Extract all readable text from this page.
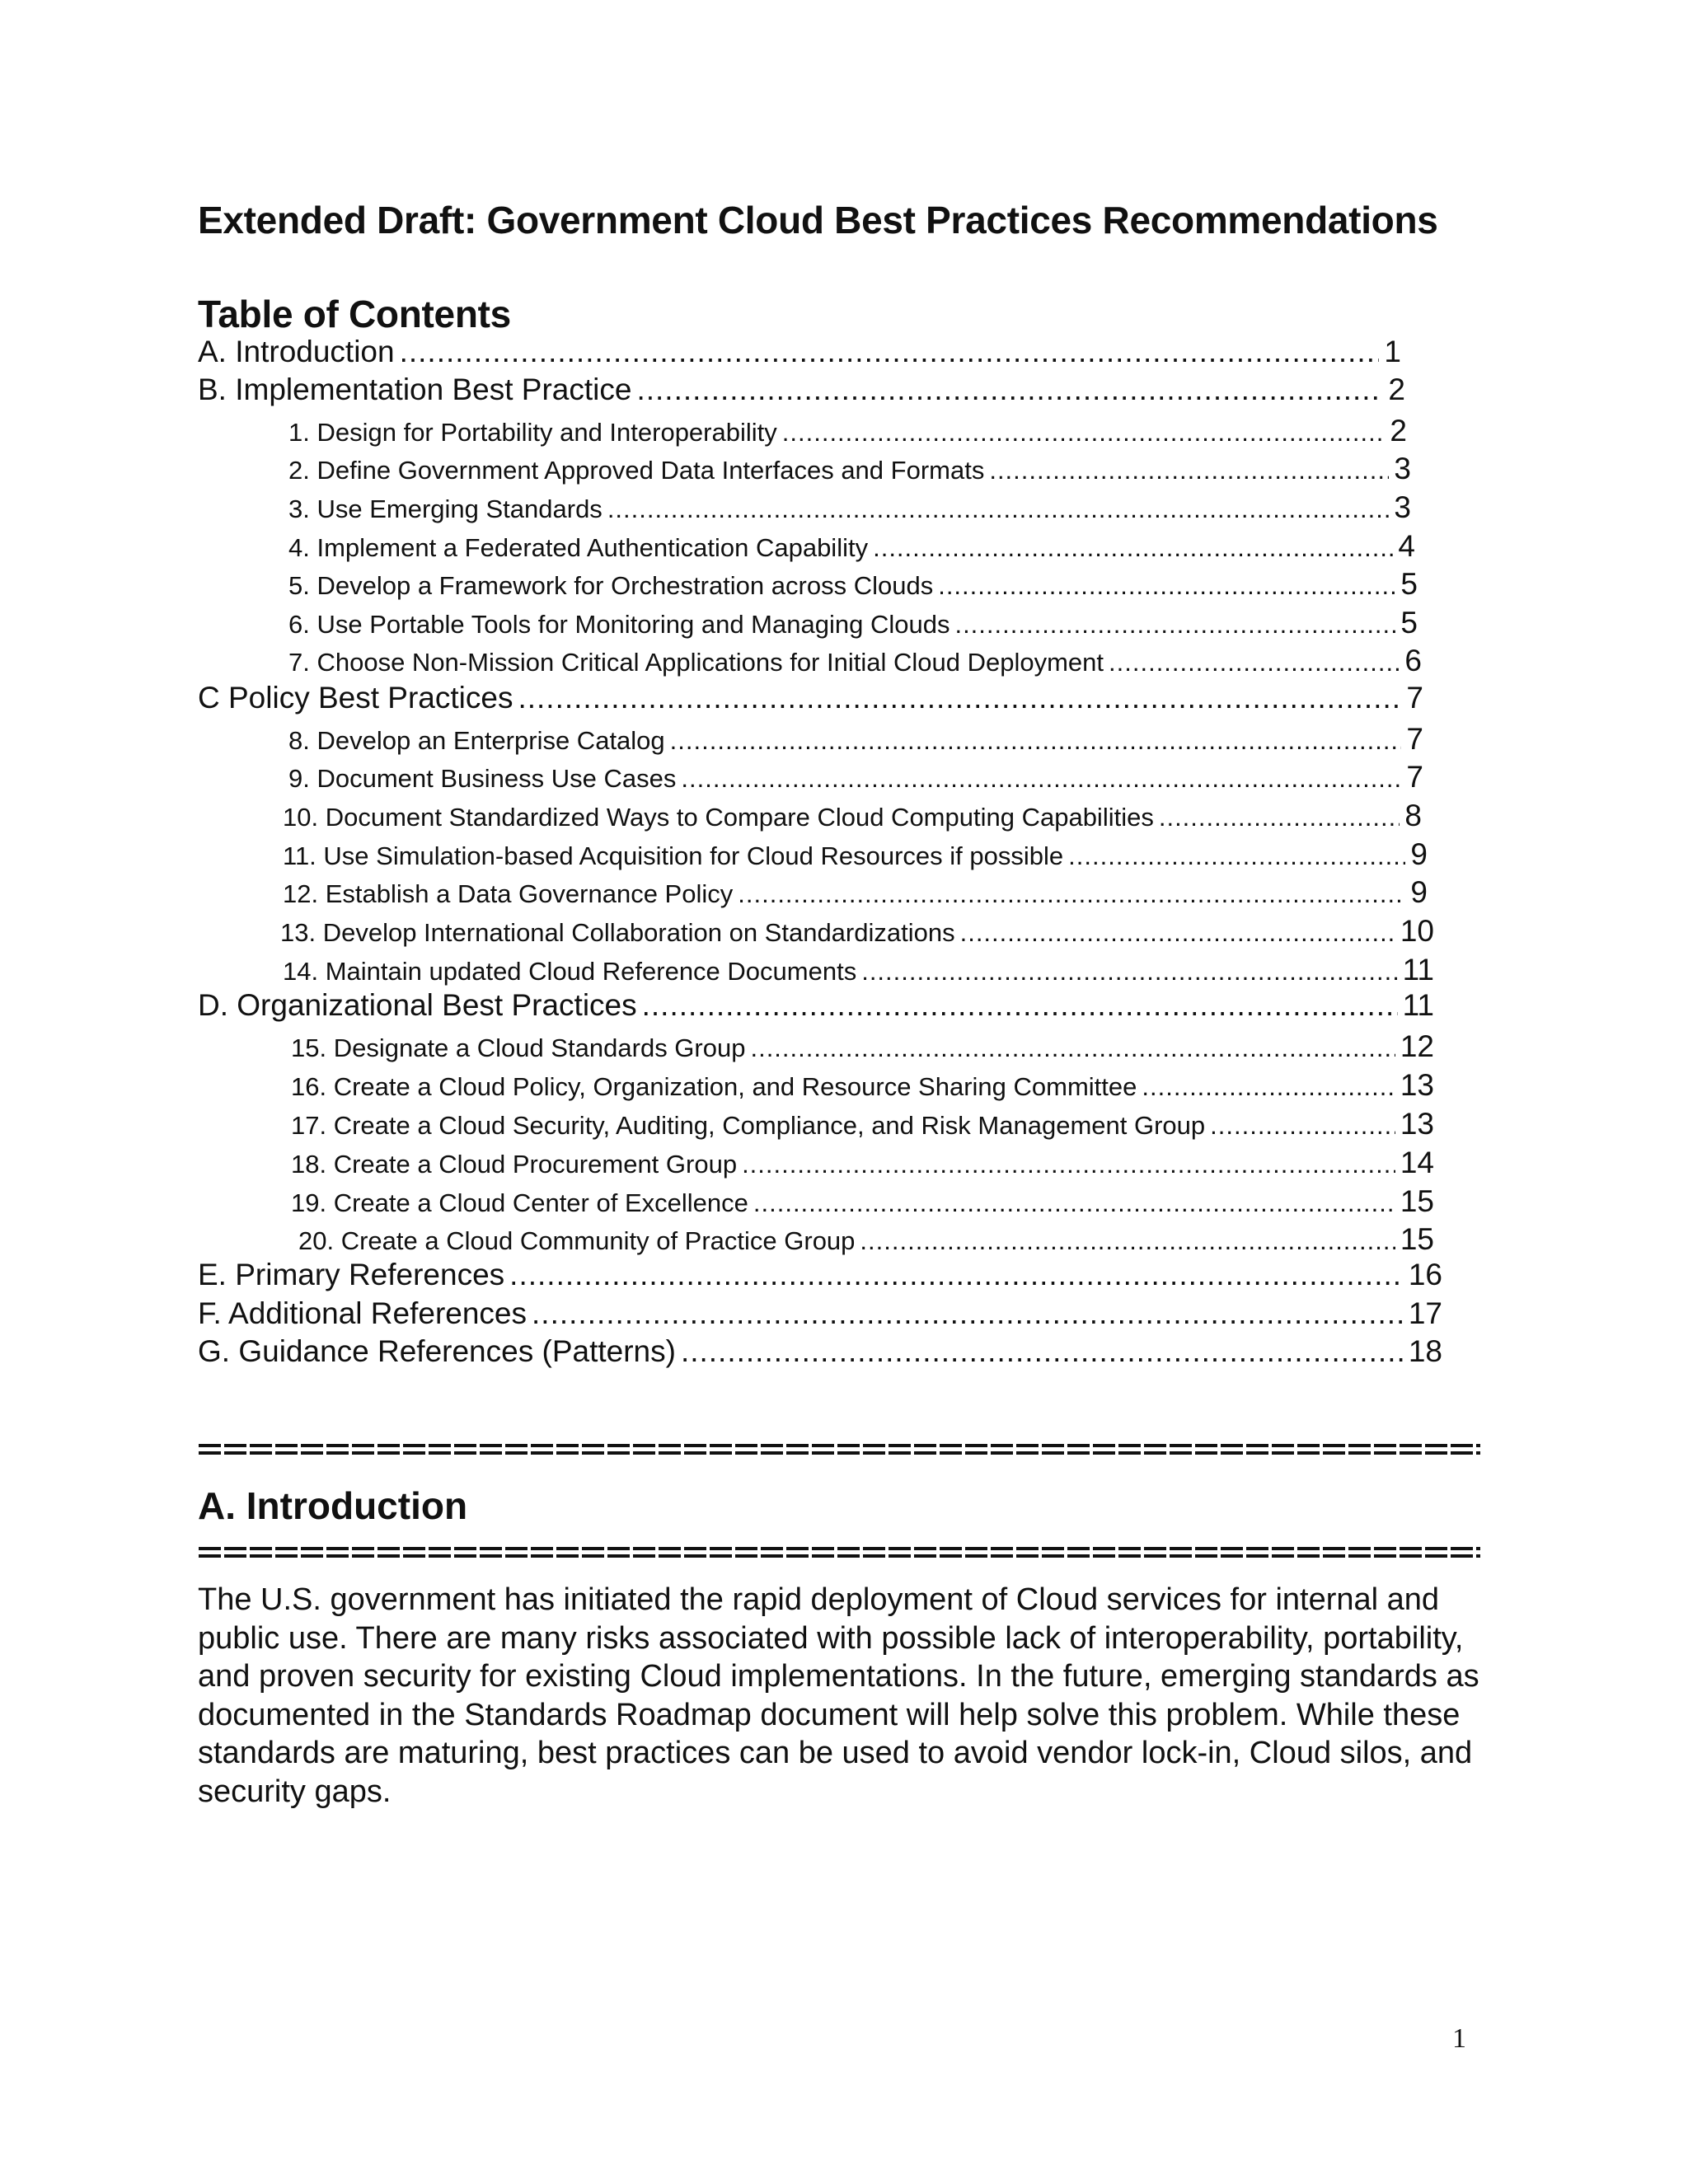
Extended Draft: Government Cloud Best Practices Recommendations
Table of Contents
A. Introduction .....	1
B. Implementation Best Practice .....	2
1. Design for Portability and Interoperability .....	2
2. Define Government Approved Data Interfaces and Formats .....	3
3. Use Emerging Standards .....	3
4. Implement a Federated Authentication Capability .....	4
5. Develop a Framework for Orchestration across Clouds .....	5
6. Use Portable Tools for Monitoring and Managing Clouds .....	5
7. Choose Non-Mission Critical Applications for Initial Cloud Deployment .....	6
C Policy Best Practices .....	7
8. Develop an Enterprise Catalog .....	7
9. Document Business Use Cases .....	7
10. Document Standardized Ways to Compare Cloud Computing Capabilities .....	8
11. Use Simulation-based Acquisition for Cloud Resources if possible .....	9
12. Establish a Data Governance Policy .....	9
13. Develop International Collaboration on Standardizations .....	10
14. Maintain updated Cloud Reference Documents .....	11
D. Organizational Best Practices .....	11
15. Designate a Cloud Standards Group .....	12
16. Create a Cloud Policy, Organization, and Resource Sharing Committee .....	13
17. Create a Cloud Security, Auditing, Compliance, and Risk Management Group .....	13
18. Create a Cloud Procurement Group .....	14
19. Create a Cloud Center of Excellence .....	15
20. Create a Cloud Community of Practice Group .....	15
E. Primary References .....	16
F. Additional References .....	17
G. Guidance References (Patterns) .....	18
A. Introduction
The U.S. government has initiated the rapid deployment of Cloud services for internal and public use. There are many risks associated with possible lack of interoperability, portability, and proven security for existing Cloud implementations. In the future, emerging standards as documented in the Standards Roadmap document will help solve this problem. While these standards are maturing, best practices can be used to avoid vendor lock-in, Cloud silos, and security gaps.
1
